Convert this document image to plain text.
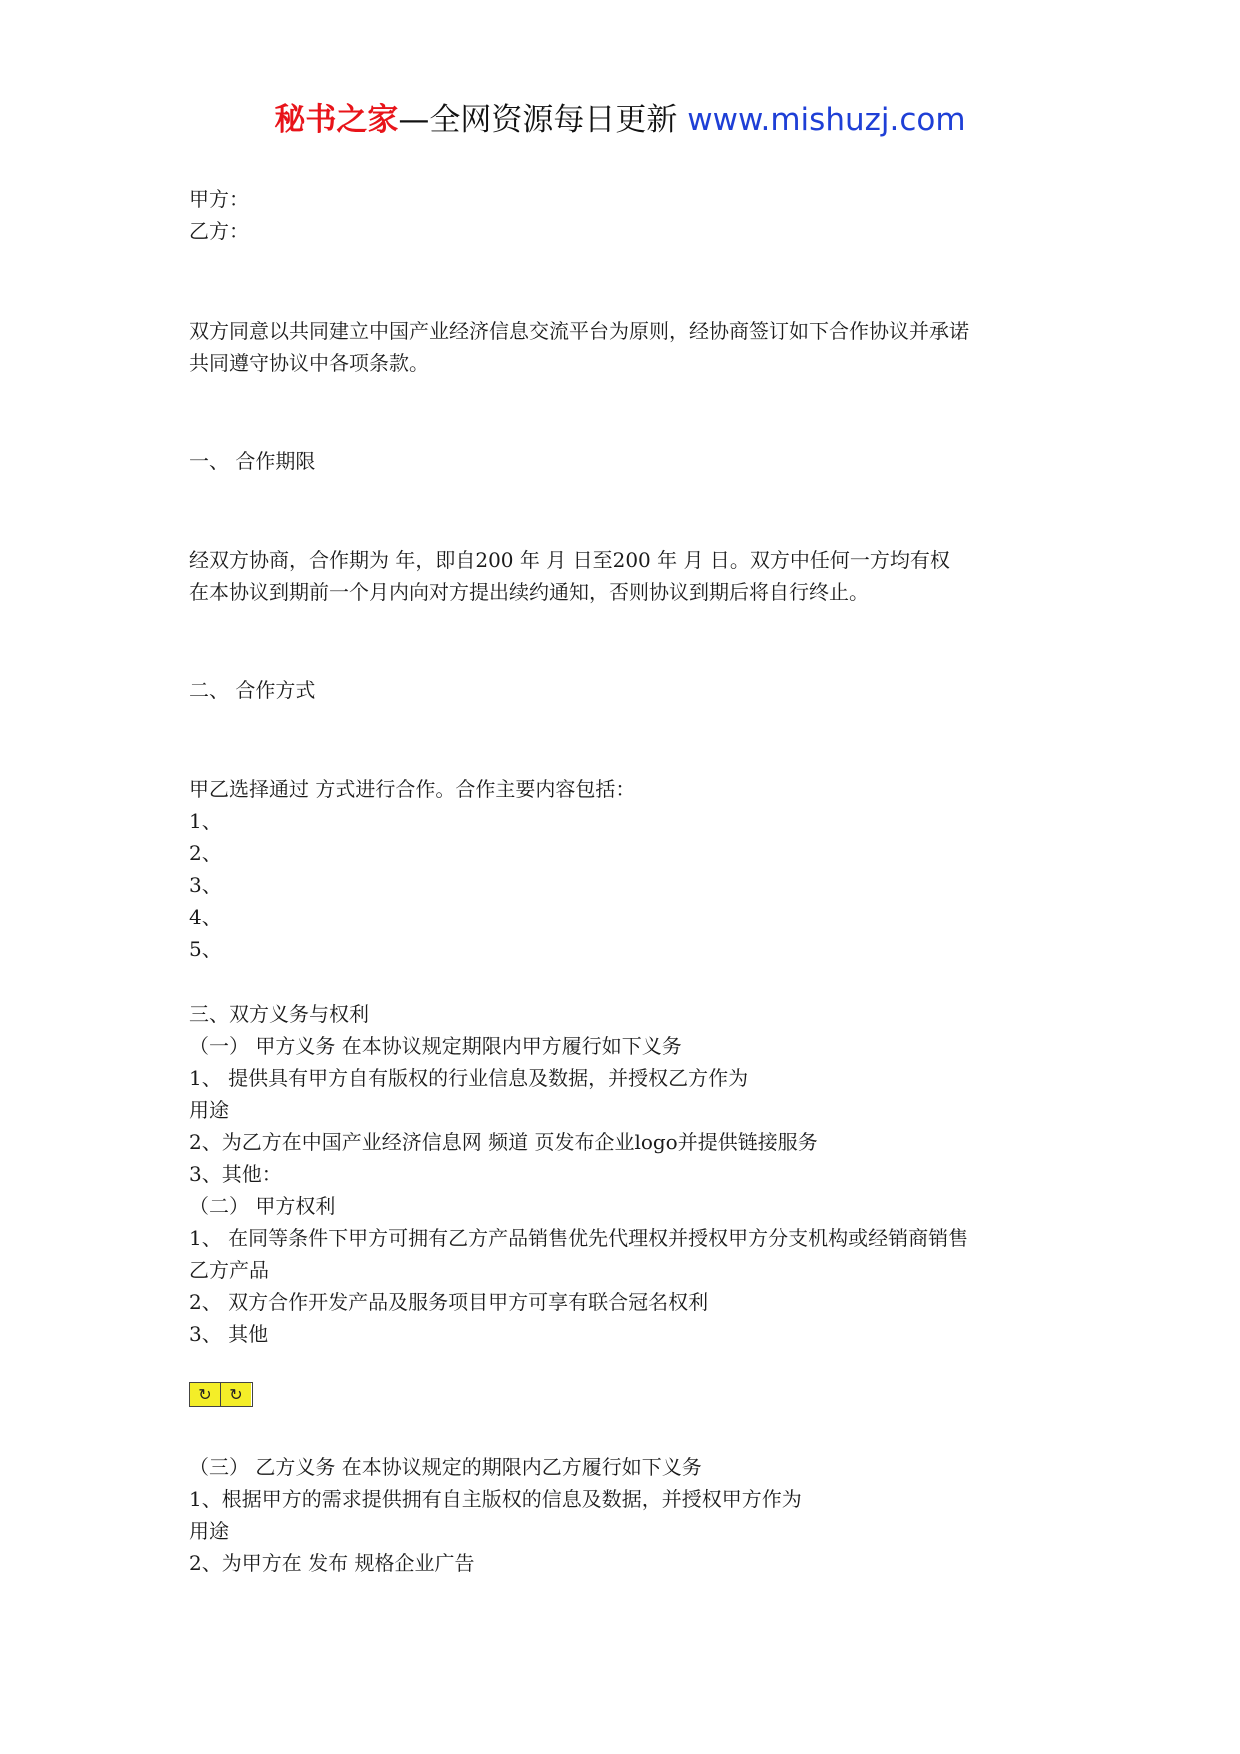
秘书之家—全网资源每日更新 www.mishuzj.com
甲方：
乙方：
双方同意以共同建立中国产业经济信息交流平台为原则，经协商签订如下合作协议并承诺
共同遵守协议中各项条款。
一、 合作期限
经双方协商，合作期为 年，即自200 年 月 日至200 年 月 日。双方中任何一方均有权
在本协议到期前一个月内向对方提出续约通知，否则协议到期后将自行终止。
二、 合作方式
甲乙选择通过 方式进行合作。合作主要内容包括：
1、
2、
3、
4、
5、
三、双方义务与权利
（一） 甲方义务 在本协议规定期限内甲方履行如下义务
1、 提供具有甲方自有版权的行业信息及数据，并授权乙方作为
用途
2、为乙方在中国产业经济信息网 频道 页发布企业logo并提供链接服务
3、其他：
（二） 甲方权利
1、 在同等条件下甲方可拥有乙方产品销售优先代理权并授权甲方分支机构或经销商销售
乙方产品
2、 双方合作开发产品及服务项目甲方可享有联合冠名权利
3、 其他
（三） 乙方义务 在本协议规定的期限内乙方履行如下义务
1、根据甲方的需求提供拥有自主版权的信息及数据，并授权甲方作为
用途
2、为甲方在 发布 规格企业广告
↻	↻
